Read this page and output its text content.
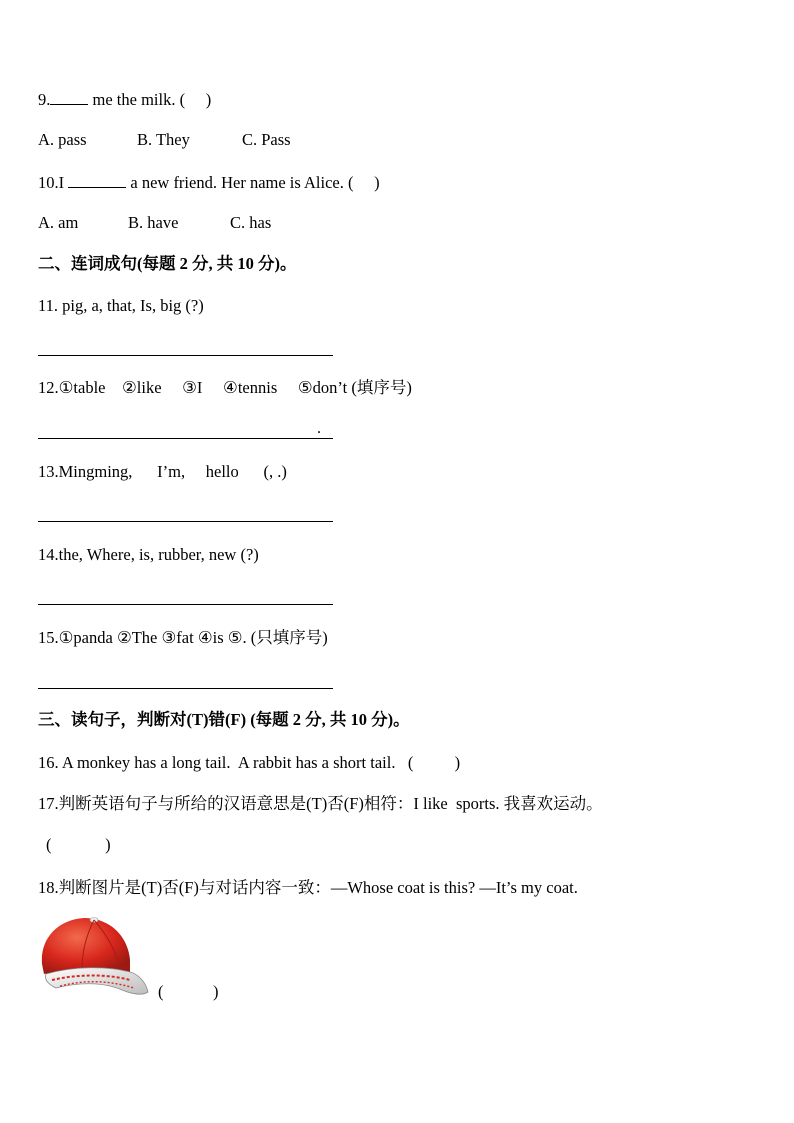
9. me the milk. (     )
A. pass	B. They	C. Pass
10.I	a new friend. Her name is Alice. (     )
A. am	B. have	C. has
二、连词成句(每题 2 分, 共 10 分)。
11. pig, a, that, Is, big (?)
12.①table    ②like     ③I     ④tennis     ⑤don’t (填序号)
.
13.Mingming,      I’m,     hello      (, .)
14.the, Where, is, rubber, new (?)
15.①panda ②The ③fat ④is ⑤. (只填序号)
三、读句子，判断对(T)错(F) (每题 2 分, 共 10 分)。
16. A monkey has a long tail.  A rabbit has a short tail.   (          )
17.判断英语句子与所给的汉语意思是(T)否(F)相符：I like  sports. 我喜欢运动。
(             )
18.判断图片是(T)否(F)与对话内容一致：—Whose coat is this? —It’s my coat.
(            )
